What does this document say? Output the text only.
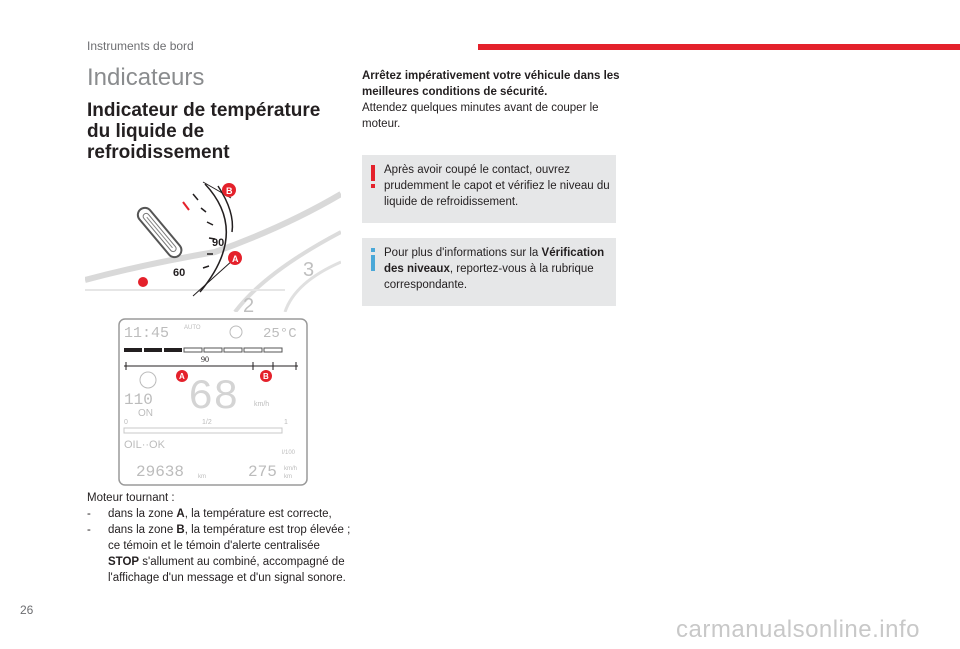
Instruments de bord
Indicateurs
Indicateur de température du liquide de refroidissement
90
60
B
A	3
2
11:45 AUTO	25°C
90
A	B
68 km/h
110
ON
0	1/2	1
OIL··OK
l/100
29638 km	275 km/h
km
Moteur tournant :
-	dans la zone A, la température est correcte,
-	dans la zone B, la température est trop élevée ; ce témoin et le témoin d'alerte centralisée STOP s'allument au combiné, accompagné de l'affichage d'un message et d'un signal sonore.
Arrêtez impérativement votre véhicule dans les meilleures conditions de sécurité.
Attendez quelques minutes avant de couper le moteur.
Après avoir coupé le contact, ouvrez prudemment le capot et vérifiez le niveau du liquide de refroidissement.
Pour plus d'informations sur la Vérification des niveaux, reportez-vous à la rubrique correspondante.
26
carmanualsonline.info
